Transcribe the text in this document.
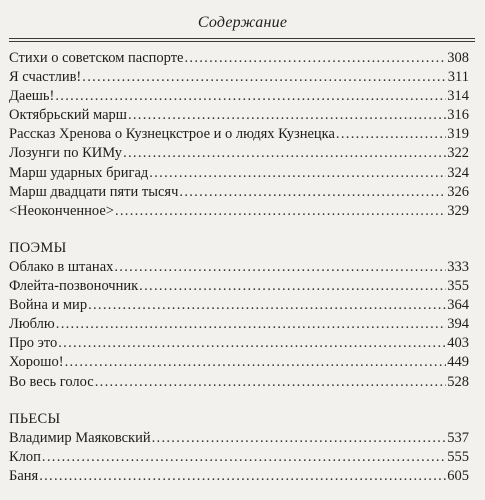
Содержание
Стихи о советском паспорте .....	308
Я счастлив! .....	311
Даешь! .....	314
Октябрьский марш .....	316
Рассказ Хренова о Кузнецкстрое и о людях Кузнецка .....	319
Лозунги по КИМу .....	322
Марш ударных бригад .....	324
Марш двадцати пяти тысяч .....	326
<Неоконченное> .....	329
ПОЭМЫ
Облако в штанах .....	333
Флейта-позвоночник .....	355
Война и мир .....	364
Люблю .....	394
Про это .....	403
Хорошо! .....	449
Во весь голос .....	528
ПЬЕСЫ
Владимир Маяковский .....	537
Клоп .....	555
Баня .....	605
